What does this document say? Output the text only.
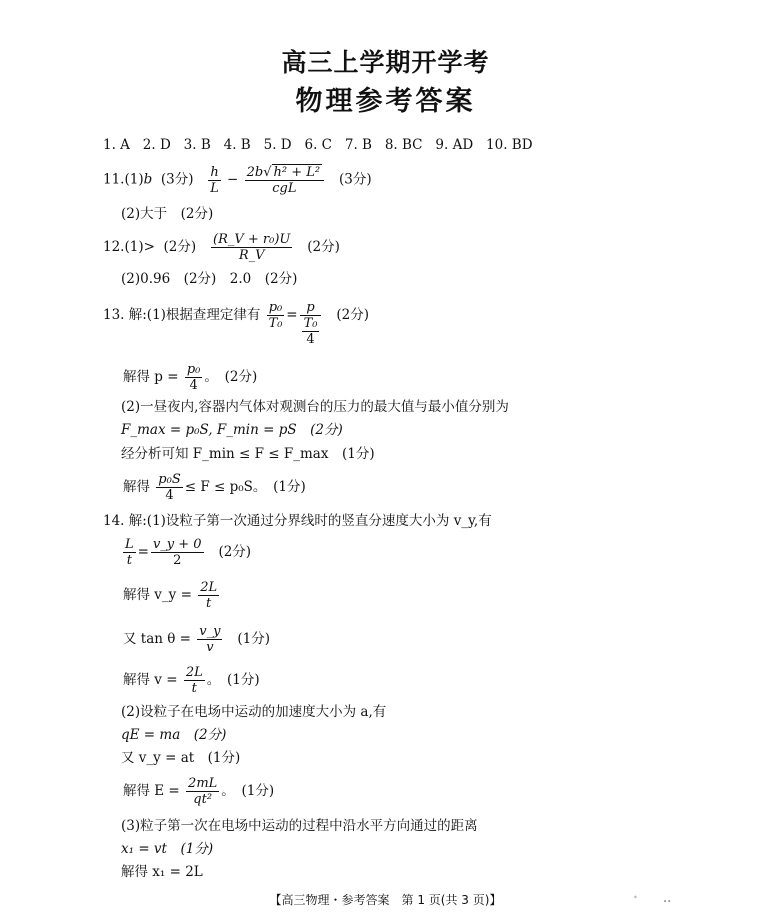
高三上学期开学考
物理参考答案
1. A 2. D 3. B 4. B 5. D 6. C 7. B 8. BC 9. AD 10. BD
11.(1)b (3分) $\frac{h}{L} - \frac{\text{2b√ h² + L²}}{\text{cgL}} (3$分)
(2)大于　(2分)
12.(1)> (2分) $\frac{\text{(R\_V + r₀)U}}{R\_V} (2$分)
(2)0.96　(2分)　2.0　(2分)
13. 解:(1)根据查理定律有 $\frac{\text{p₀}}{\text{T₀}} = \frac{p}{\frac{\text{T₀}}{4}} (2$分)
解得 $p = \frac{\text{p₀}}{4}$ 。　(2分)
(2)一昼夜内,容器内气体对观测台的压力的最大值与最小值分别为
F_max = p₀S, F_min = pS　(2分)
经分析可知 F_min ≤ F ≤ F_max　(1分)
解得 $\frac{\text{p₀S}}{4} \le F \le p_0S$。　(1分)
14. 解:(1)设粒子第一次通过分界线时的竖直分速度大小为 v_y,有
$\frac{L}{t} = \frac{v\_y + 0}{2} (2$分)
解得 v_y = $\frac{2L}{t}$
又 $\tan \theta = \frac{v\_y}{v} (1$分)
解得 $v = \frac{2L}{t}$ 。　(1分)
(2)设粒子在电场中运动的加速度大小为 a,有
qE = ma　(2分)
又 v_y = at　(1分)
解得 $E = \frac{2mL}{\text{qt²}}$ 。　(1分)
(3)粒子第一次在电场中运动的过程中沿水平方向通过的距离
x₁ = vt　(1分)
解得 x₁ = 2L
【高三物理・参考答案　第 1 页(共 3 页)】	∗
••
